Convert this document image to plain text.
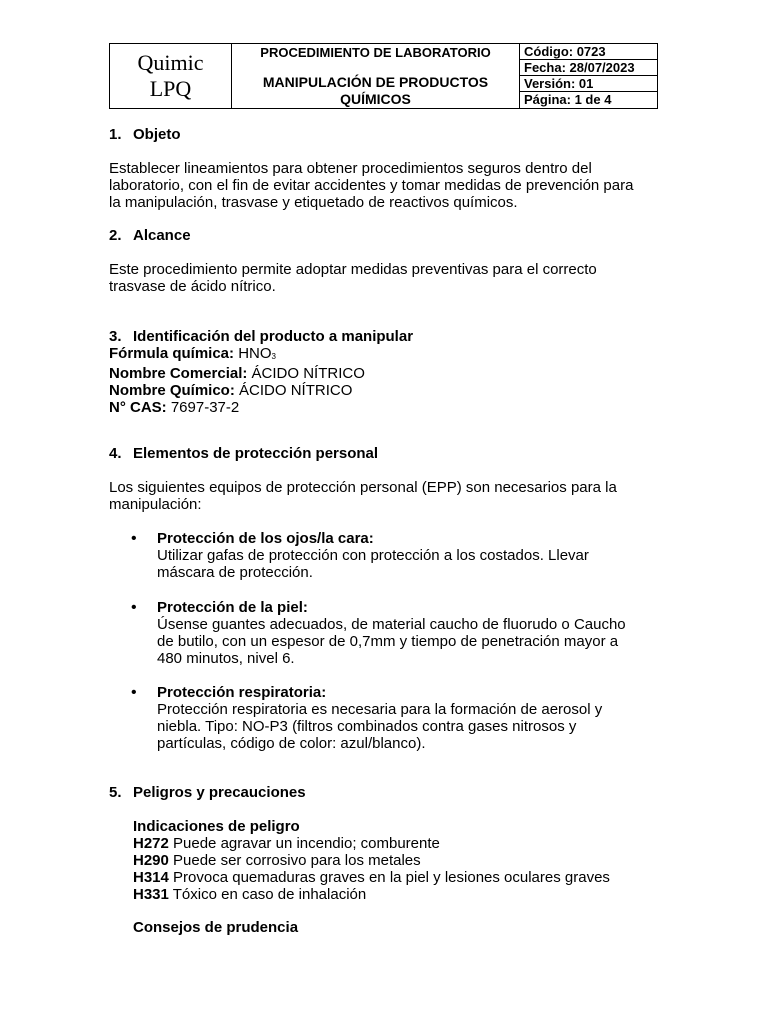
Quimic
LPQ
PROCEDIMIENTO DE LABORATORIO
MANIPULACIÓN DE PRODUCTOS
QUÍMICOS
Código: 0723
Fecha: 28/07/2023
Versión: 01
Página: 1 de 4
1. Objeto
Establecer lineamientos para obtener procedimientos seguros dentro del
laboratorio, con el fin de evitar accidentes y tomar medidas de prevención para
la manipulación, trasvase y etiquetado de reactivos químicos.
2. Alcance
Este procedimiento permite adoptar medidas preventivas para el correcto
trasvase de ácido nítrico.
3. Identificación del producto a manipular
Fórmula química: $HNO_3$
Nombre Comercial: ÁCIDO NÍTRICO
Nombre Químico: ÁCIDO NÍTRICO
N° CAS: 7697-37-2
4. Elementos de protección personal
Los siguientes equipos de protección personal (EPP) son necesarios para la
manipulación:
•
Protección de los ojos/la cara:
Utilizar gafas de protección con protección a los costados. Llevar
máscara de protección.
•
Protección de la piel:
Úsense guantes adecuados, de material caucho de fluorudo o Caucho
de butilo, con un espesor de 0,7mm y tiempo de penetración mayor a
480 minutos, nivel 6.
•
Protección respiratoria:
Protección respiratoria es necesaria para la formación de aerosol y
niebla. Tipo: NO-P3 (filtros combinados contra gases nitrosos y
partículas, código de color: azul/blanco).
5. Peligros y precauciones
Indicaciones de peligro
H272 Puede agravar un incendio; comburente
H290 Puede ser corrosivo para los metales
H314 Provoca quemaduras graves en la piel y lesiones oculares graves
H331 Tóxico en caso de inhalación
Consejos de prudencia
